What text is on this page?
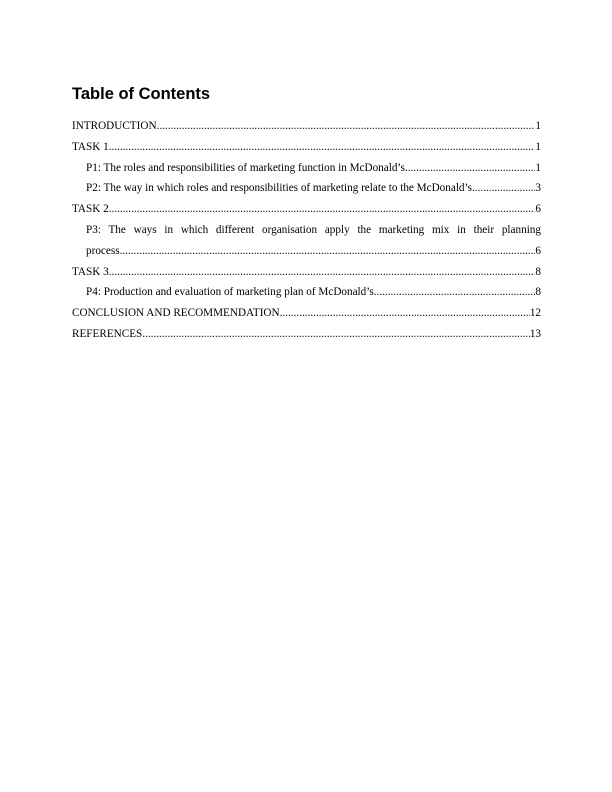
Table of Contents
INTRODUCTION .....	1
TASK 1 .....	1
P1: The roles and responsibilities of marketing function in McDonald’s .....	1
P2: The way in which roles and responsibilities of marketing relate to the McDonald’s .....	3
TASK 2 .....	6
P3: The ways in which different organisation apply the marketing mix in their planning
process .....	6
TASK 3 .....	8
P4: Production and evaluation of marketing plan of McDonald’s .....	8
CONCLUSION AND RECOMMENDATION .....	12
REFERENCES .....	13
